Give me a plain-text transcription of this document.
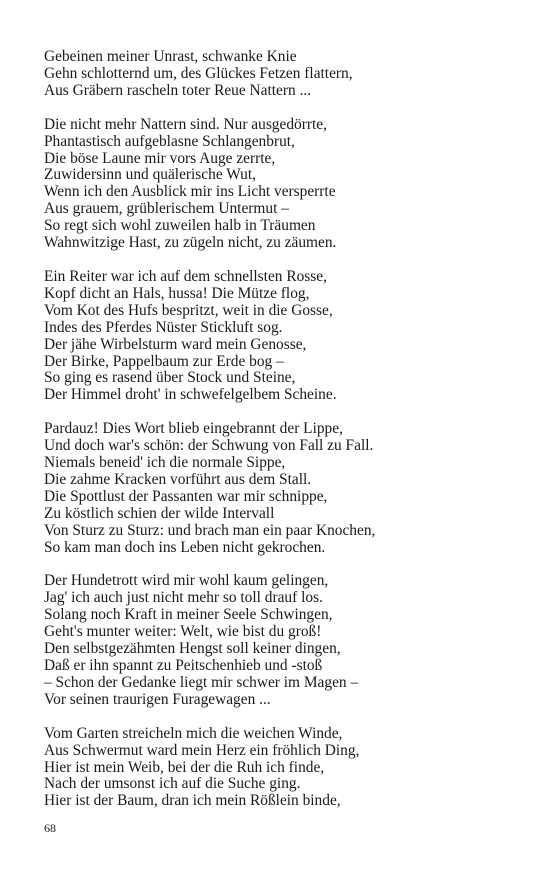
Gebeinen meiner Unrast, schwanke Knie
Gehn schlotternd um, des Glückes Fetzen flattern,
Aus Gräbern rascheln toter Reue Nattern ...
Die nicht mehr Nattern sind. Nur ausgedörrte,
Phantastisch aufgeblasne Schlangenbrut,
Die böse Laune mir vors Auge zerrte,
Zuwidersinn und quälerische Wut,
Wenn ich den Ausblick mir ins Licht versperrte
Aus grauem, grüblerischem Untermut –
So regt sich wohl zuweilen halb in Träumen
Wahnwitzige Hast, zu zügeln nicht, zu zäumen.
Ein Reiter war ich auf dem schnellsten Rosse,
Kopf dicht an Hals, hussa! Die Mütze flog,
Vom Kot des Hufs bespritzt, weit in die Gosse,
Indes des Pferdes Nüster Stickluft sog.
Der jähe Wirbelsturm ward mein Genosse,
Der Birke, Pappelbaum zur Erde bog –
So ging es rasend über Stock und Steine,
Der Himmel droht' in schwefelgelbem Scheine.
Pardauz! Dies Wort blieb eingebrannt der Lippe,
Und doch war's schön: der Schwung von Fall zu Fall.
Niemals beneid' ich die normale Sippe,
Die zahme Kracken vorführt aus dem Stall.
Die Spottlust der Passanten war mir schnippe,
Zu köstlich schien der wilde Intervall
Von Sturz zu Sturz: und brach man ein paar Knochen,
So kam man doch ins Leben nicht gekrochen.
Der Hundetrott wird mir wohl kaum gelingen,
Jag' ich auch just nicht mehr so toll drauf los.
Solang noch Kraft in meiner Seele Schwingen,
Geht's munter weiter: Welt, wie bist du groß!
Den selbstgezähmten Hengst soll keiner dingen,
Daß er ihn spannt zu Peitschenhieb und -stoß
– Schon der Gedanke liegt mir schwer im Magen –
Vor seinen traurigen Furagewagen ...
Vom Garten streicheln mich die weichen Winde,
Aus Schwermut ward mein Herz ein fröhlich Ding,
Hier ist mein Weib, bei der die Ruh ich finde,
Nach der umsonst ich auf die Suche ging.
Hier ist der Baum, dran ich mein Rößlein binde,
68
